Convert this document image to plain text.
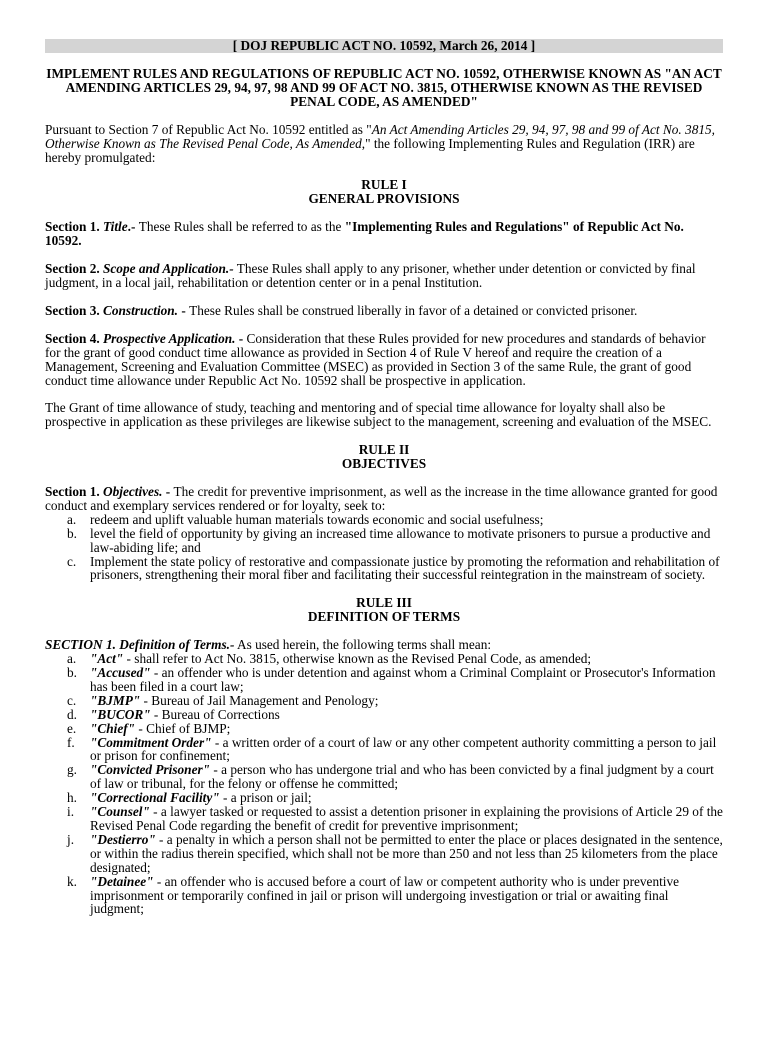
[ DOJ REPUBLIC ACT NO. 10592, March 26, 2014 ]
IMPLEMENT RULES AND REGULATIONS OF REPUBLIC ACT NO. 10592, OTHERWISE KNOWN AS "AN ACT AMENDING ARTICLES 29, 94, 97, 98 AND 99 OF ACT NO. 3815, OTHERWISE KNOWN AS THE REVISED PENAL CODE, AS AMENDED"

Pursuant to Section 7 of Republic Act No. 10592 entitled as "An Act Amending Articles 29, 94, 97, 98 and 99 of Act No. 3815, Otherwise Known as The Revised Penal Code, As Amended," the following Implementing Rules and Regulation (IRR) are hereby promulgated:

RULE I
GENERAL PROVISIONS

Section 1. Title.- These Rules shall be referred to as the "Implementing Rules and Regulations" of Republic Act No. 10592.

Section 2. Scope and Application.- These Rules shall apply to any prisoner, whether under detention or convicted by final judgment, in a local jail, rehabilitation or detention center or in a penal Institution.

Section 3. Construction. - These Rules shall be construed liberally in favor of a detained or convicted prisoner.

Section 4. Prospective Application. - Consideration that these Rules provided for new procedures and standards of behavior for the grant of good conduct time allowance as provided in Section 4 of Rule V hereof and require the creation of a Management, Screening and Evaluation Committee (MSEC) as provided in Section 3 of the same Rule, the grant of good conduct time allowance under Republic Act No. 10592 shall be prospective in application.

The Grant of time allowance of study, teaching and mentoring and of special time allowance for loyalty shall also be prospective in application as these privileges are likewise subject to the management, screening and evaluation of the MSEC.

RULE II
OBJECTIVES

Section 1. Objectives. - The credit for preventive imprisonment, as well as the increase in the time allowance granted for good conduct and exemplary services rendered or for loyalty, seek to:

a. redeem and uplift valuable human materials towards economic and social usefulness;
b. level the field of opportunity by giving an increased time allowance to motivate prisoners to pursue a productive and law-abiding life; and
c. Implement the state policy of restorative and compassionate justice by promoting the reformation and rehabilitation of prisoners, strengthening their moral fiber and facilitating their successful reintegration in the mainstream of society.
RULE III
DEFINITION OF TERMS

SECTION 1. Definition of Terms.- As used herein, the following terms shall mean:

a. "Act" - shall refer to Act No. 3815, otherwise known as the Revised Penal Code, as amended;
b. "Accused" - an offender who is under detention and against whom a Criminal Complaint or Prosecutor's Information has been filed in a court law;
c. "BJMP" - Bureau of Jail Management and Penology;
d. "BUCOR" - Bureau of Corrections
e. "Chief" - Chief of BJMP;
f. "Commitment Order" - a written order of a court of law or any other competent authority committing a person to jail or prison for confinement;
g. "Convicted Prisoner" - a person who has undergone trial and who has been convicted by a final judgment by a court of law or tribunal, for the felony or offense he committed;
h. "Correctional Facility" - a prison or jail;
i. "Counsel" - a lawyer tasked or requested to assist a detention prisoner in explaining the provisions of Article 29 of the Revised Penal Code regarding the benefit of credit for preventive imprisonment;
j. "Destierro" - a penalty in which a person shall not be permitted to enter the place or places designated in the sentence, or within the radius therein specified, which shall not be more than 250 and not less than 25 kilometers from the place designated;
k. "Detainee" - an offender who is accused before a court of law or competent authority who is under preventive imprisonment or temporarily confined in jail or prison will undergoing investigation or trial or awaiting final judgment;
